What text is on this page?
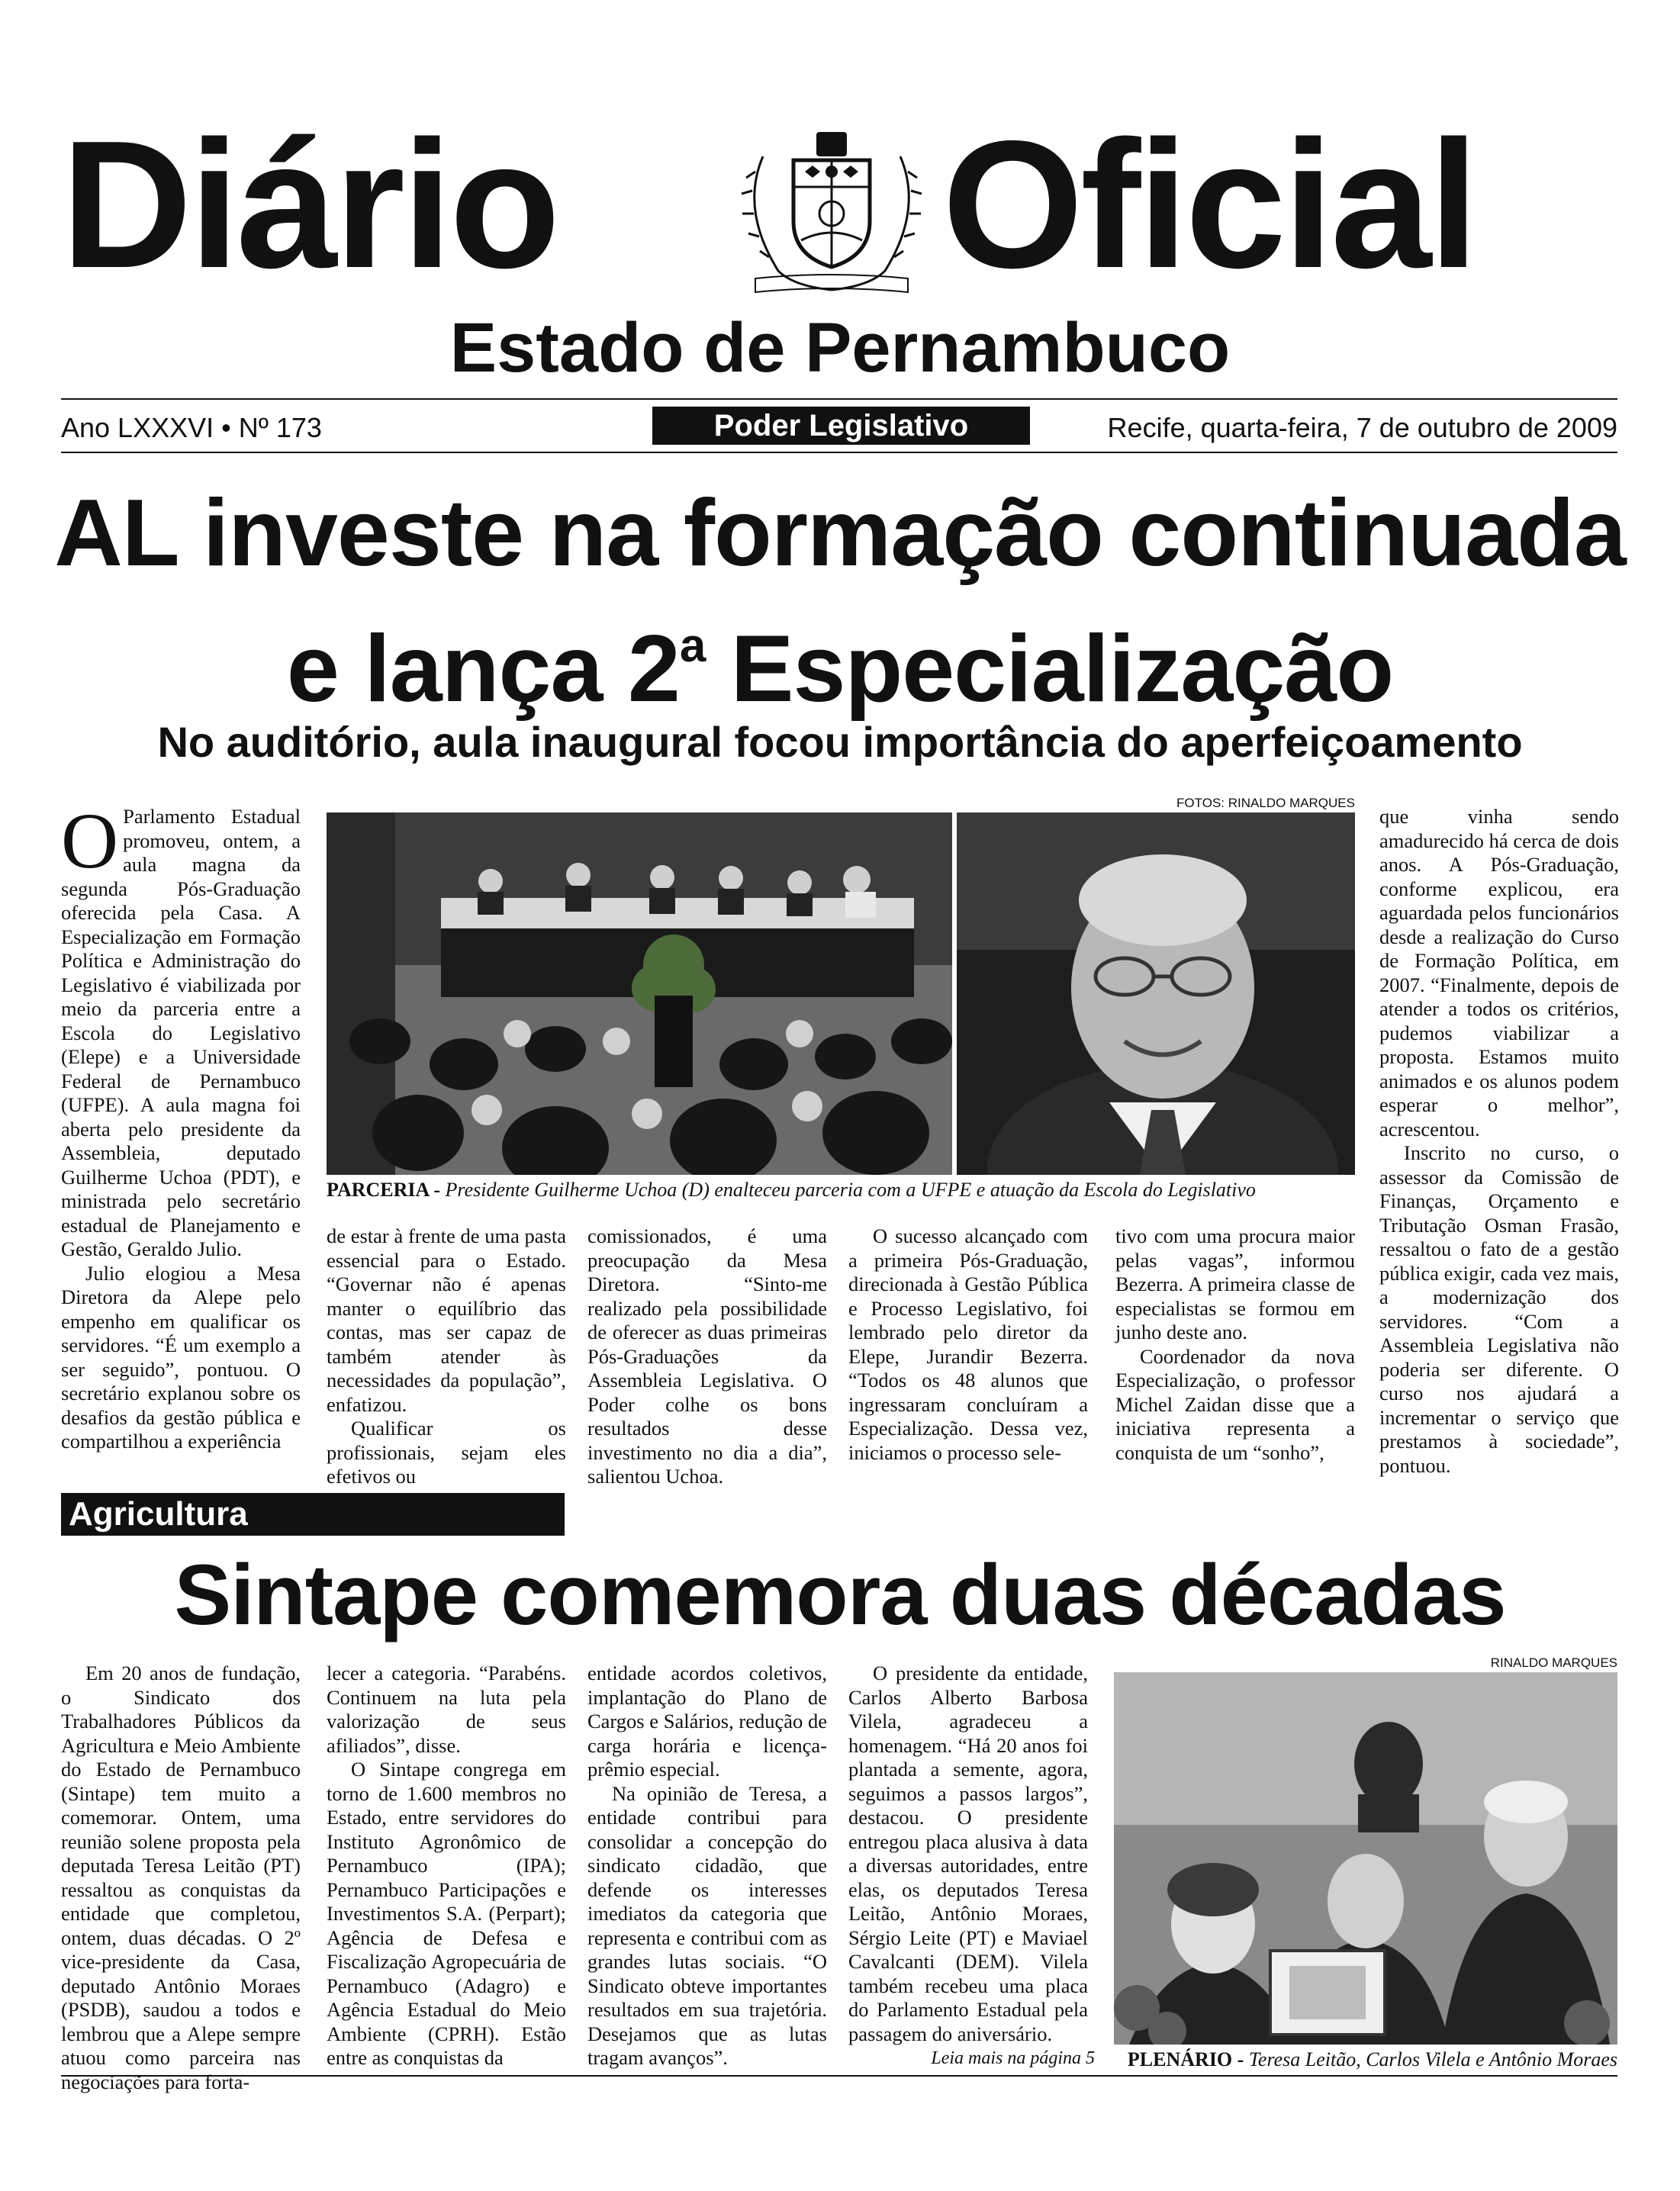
Diário Oficial
Estado de Pernambuco
Ano LXXXVI • Nº 173	Poder Legislativo	Recife, quarta-feira, 7 de outubro de 2009
AL investe na formação continuada
e lança 2$^a$ Especialização
No auditório, aula inaugural focou importância do aperfeiçoamento

O Parlamento Estadual promoveu, ontem, a aula magna da segunda Pós-Graduação oferecida pela Casa. A Especialização em Formação Política e Administração do Legislativo é viabilizada por meio da parceria entre a Escola do Legislativo (Elepe) e a Universidade Federal de Pernambuco (UFPE). A aula magna foi aberta pelo presidente da Assembleia, deputado Guilherme Uchoa (PDT), e ministrada pelo secretário estadual de Planejamento e Gestão, Geraldo Julio.

Julio elogiou a Mesa Diretora da Alepe pelo empenho em qualificar os servidores. “É um exemplo a ser seguido”, pontuou. O secretário explanou sobre os desafios da gestão pública e compartilhou a experiência

FOTOS: RINALDO MARQUES
PARCERIA - Presidente Guilherme Uchoa (D) enalteceu parceria com a UFPE e atuação da Escola do Legislativo

que vinha sendo amadurecido há cerca de dois anos. A Pós-Graduação, conforme explicou, era aguardada pelos funcionários desde a realização do Curso de Formação Política, em 2007. “Finalmente, depois de atender a todos os critérios, pudemos viabilizar a proposta. Estamos muito animados e os alunos podem esperar o melhor”, acrescentou.

Inscrito no curso, o assessor da Comissão de Finanças, Orçamento e Tributação Osman Frasão, ressaltou o fato de a gestão pública exigir, cada vez mais, a modernização dos servidores. “Com a Assembleia Legislativa não poderia ser diferente. O curso nos ajudará a incrementar o serviço que prestamos à sociedade”, pontuou.

de estar à frente de uma pasta essencial para o Estado. “Governar não é apenas manter o equilíbrio das contas, mas ser capaz de também atender às necessidades da população”, enfatizou.

Qualificar os profissionais, sejam eles efetivos ou

comissionados, é uma preocupação da Mesa Diretora. “Sinto-me realizado pela possibilidade de oferecer as duas primeiras Pós-Graduações da Assembleia Legislativa. O Poder colhe os bons resultados desse investimento no dia a dia”, salientou Uchoa.

O sucesso alcançado com a primeira Pós-Graduação, direcionada à Gestão Pública e Processo Legislativo, foi lembrado pelo diretor da Elepe, Jurandir Bezerra. “Todos os 48 alunos que ingressaram concluíram a Especialização. Dessa vez, iniciamos o processo sele-

tivo com uma procura maior pelas vagas”, informou Bezerra. A primeira classe de especialistas se formou em junho deste ano.

Coordenador da nova Especialização, o professor Michel Zaidan disse que a iniciativa representa a conquista de um “sonho”,

Agricultura
Sintape comemora duas décadas

Em 20 anos de fundação, o Sindicato dos Trabalhadores Públicos da Agricultura e Meio Ambiente do Estado de Pernambuco (Sintape) tem muito a comemorar. Ontem, uma reunião solene proposta pela deputada Teresa Leitão (PT) ressaltou as conquistas da entidade que completou, ontem, duas décadas. O 2º vice-presidente da Casa, deputado Antônio Moraes (PSDB), saudou a todos e lembrou que a Alepe sempre atuou como parceira nas negociações para forta-

lecer a categoria. “Parabéns. Continuem na luta pela valorização de seus afiliados”, disse.

O Sintape congrega em torno de 1.600 membros no Estado, entre servidores do Instituto Agronômico de Pernambuco (IPA); Pernambuco Participações e Investimentos S.A. (Perpart); Agência de Defesa e Fiscalização Agropecuária de Pernambuco (Adagro) e Agência Estadual do Meio Ambiente (CPRH). Estão entre as conquistas da

entidade acordos coletivos, implantação do Plano de Cargos e Salários, redução de carga horária e licença-prêmio especial.

Na opinião de Teresa, a entidade contribui para consolidar a concepção do sindicato cidadão, que defende os interesses imediatos da categoria que representa e contribui com as grandes lutas sociais. “O Sindicato obteve importantes resultados em sua trajetória. Desejamos que as lutas tragam avanços”.

O presidente da entidade, Carlos Alberto Barbosa Vilela, agradeceu a homenagem. “Há 20 anos foi plantada a semente, agora, seguimos a passos largos”, destacou. O presidente entregou placa alusiva à data a diversas autoridades, entre elas, os deputados Teresa Leitão, Antônio Moraes, Sérgio Leite (PT) e Maviael Cavalcanti (DEM). Vilela também recebeu uma placa do Parlamento Estadual pela passagem do aniversário.

Leia mais na página 5
RINALDO MARQUES
PLENÁRIO - Teresa Leitão, Carlos Vilela e Antônio Moraes
